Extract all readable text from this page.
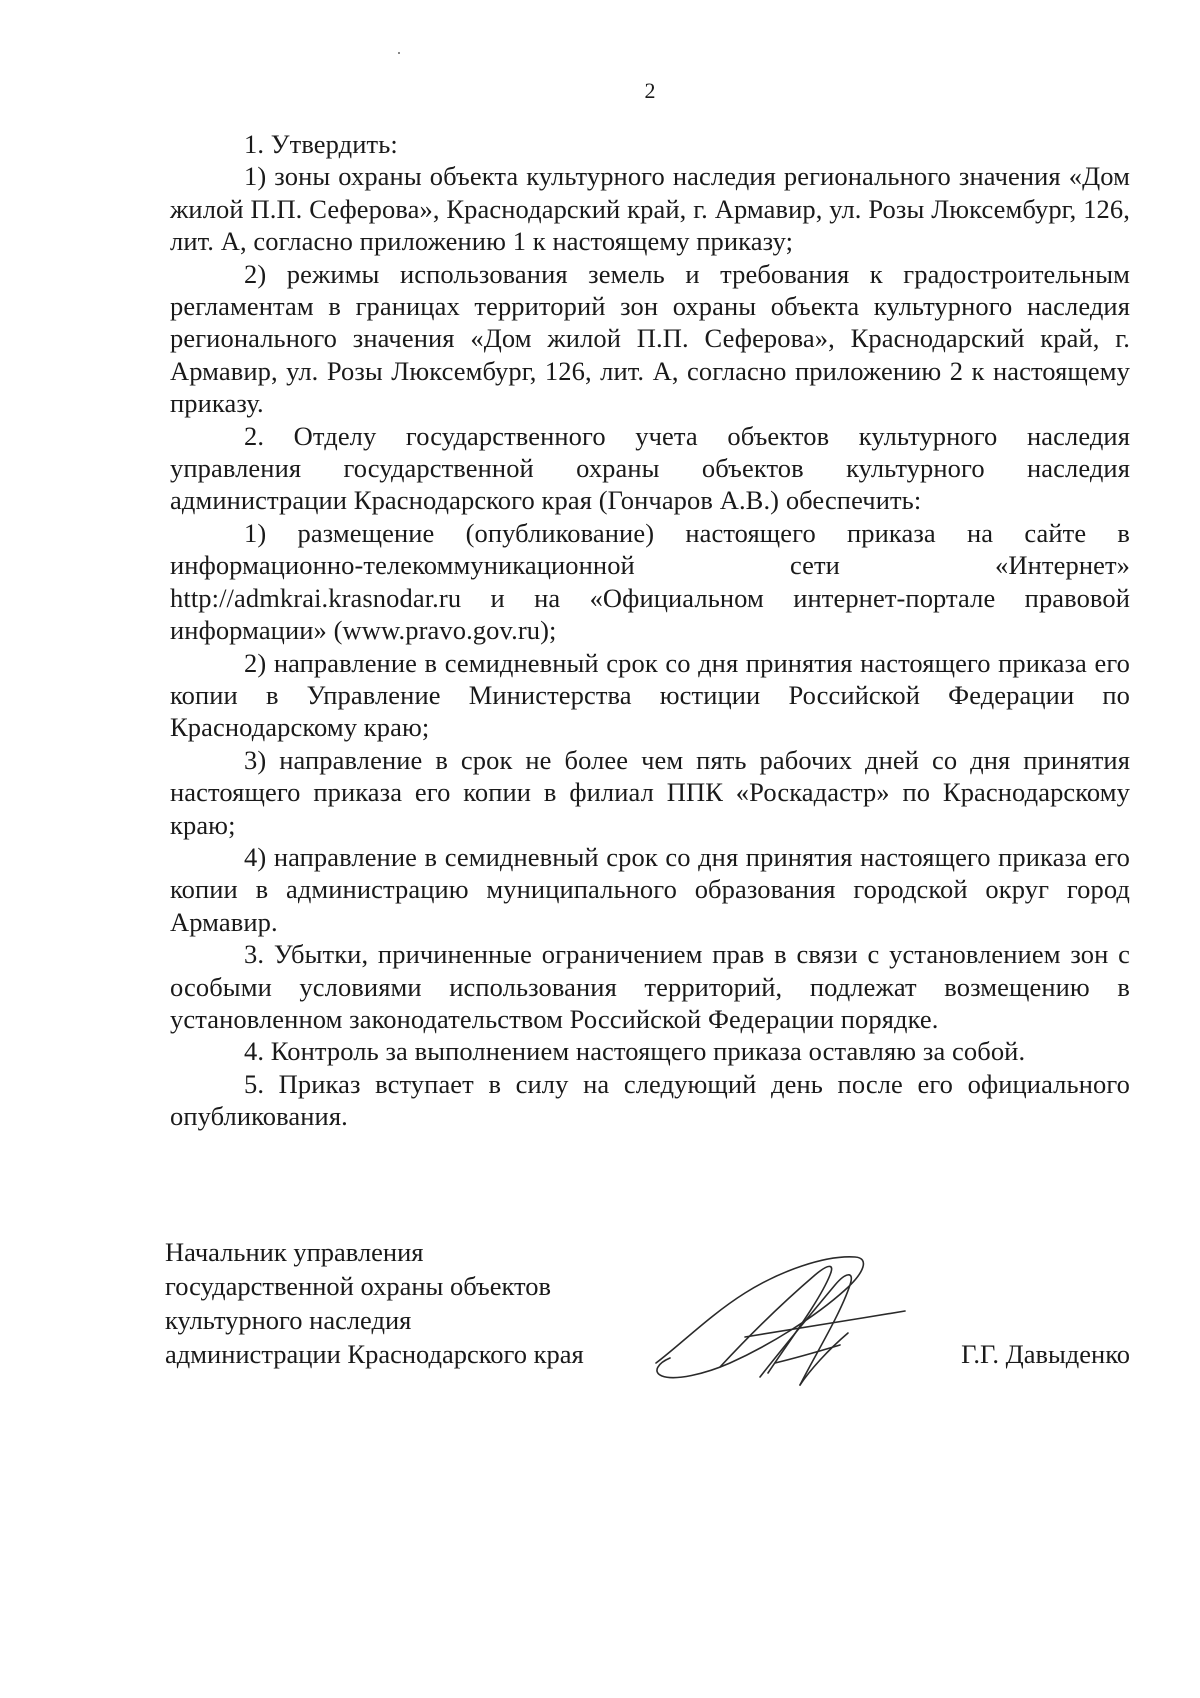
2

1. Утвердить:

1) зоны охраны объекта культурного наследия регионального значения «Дом жилой П.П. Сеферова», Краснодарский край, г. Армавир, ул. Розы Люксембург, 126, лит. А, согласно приложению 1 к настоящему приказу;

2) режимы использования земель и требования к градостроительным регламентам в границах территорий зон охраны объекта культурного наследия регионального значения «Дом жилой П.П. Сеферова», Краснодарский край, г. Армавир, ул. Розы Люксембург, 126, лит. А, согласно приложению 2 к настоящему приказу.

2. Отделу государственного учета объектов культурного наследия управления государственной охраны объектов культурного наследия администрации Краснодарского края (Гончаров А.В.) обеспечить:

1) размещение (опубликование) настоящего приказа на сайте в информационно-телекоммуникационной сети «Интернет» http://admkrai.krasnodar.ru и на «Официальном интернет-портале правовой информации» (www.pravo.gov.ru);

2) направление в семидневный срок со дня принятия настоящего приказа его копии в Управление Министерства юстиции Российской Федерации по Краснодарскому краю;

3) направление в срок не более чем пять рабочих дней со дня принятия настоящего приказа его копии в филиал ППК «Роскадастр» по Краснодарскому краю;

4) направление в семидневный срок со дня принятия настоящего приказа его копии в администрацию муниципального образования городской округ город Армавир.

3. Убытки, причиненные ограничением прав в связи с установлением зон с особыми условиями использования территорий, подлежат возмещению в установленном законодательством Российской Федерации порядке.

4. Контроль за выполнением настоящего приказа оставляю за собой.

5. Приказ вступает в силу на следующий день после его официального опубликования.

Начальник управления
государственной охраны объектов
культурного наследия
администрации Краснодарского края	Г.Г. Давыденко
